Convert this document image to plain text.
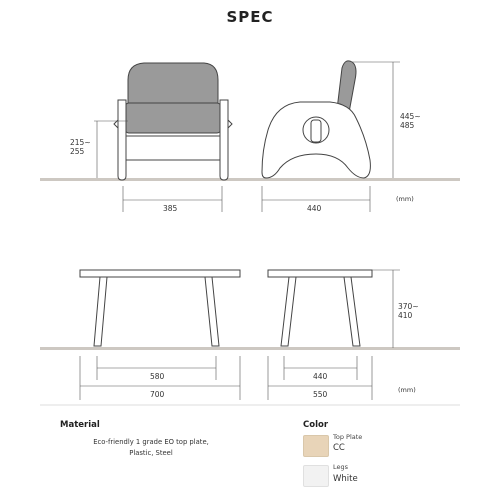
SPEC
215~
255
445~
485
385	440
(mm)
370~
410
580
700
440
550	(mm)
Material
Eco-friendly 1 grade EO top plate,
Plastic, Steel
Color
Top Plate
CC
Legs
White
